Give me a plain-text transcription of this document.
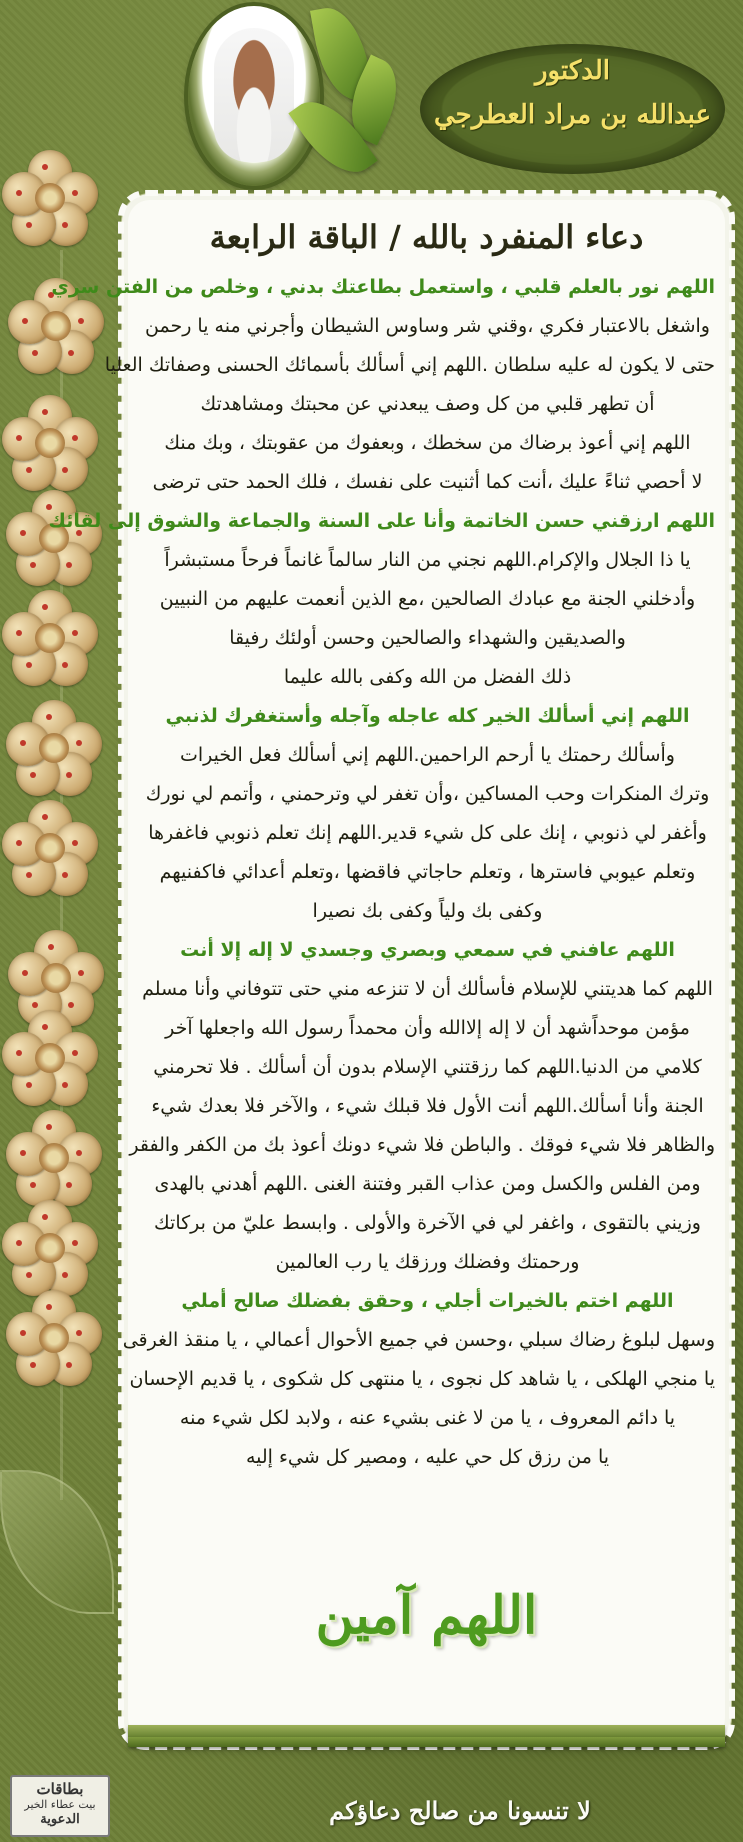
الدكتور
عبدالله بن مراد العطرجي
دعاء المنفرد بالله / الباقة الرابعة
اللهم نور بالعلم قلبي ، واستعمل بطاعتك بدني ، وخلص من الفتن سري
واشغل بالاعتبار فكري ،وقني شر وساوس الشيطان وأجرني منه يا رحمن
حتى لا يكون له عليه سلطان .اللهم إني أسألك بأسمائك الحسنى وصفاتك العليا
أن تطهر قلبي من كل وصف يبعدني عن محبتك ومشاهدتك
اللهم إني أعوذ برضاك من سخطك ، وبعفوك من عقوبتك ، وبك منك
لا أحصي ثناءً عليك ،أنت كما أثنيت على نفسك ، فلك الحمد حتى ترضى
اللهم ارزقني حسن الخاتمة وأنا على السنة والجماعة والشوق إلى لقائك
يا ذا الجلال والإكرام.اللهم نجني من النار سالماً غانماً فرحاً مستبشراً
وأدخلني الجنة مع عبادك الصالحين ،مع الذين أنعمت عليهم من النبيين
والصديقين والشهداء والصالحين وحسن أولئك رفيقا
ذلك الفضل من الله وكفى بالله عليما
اللهم إني أسألك الخير كله عاجله وآجله وأستغفرك لذنبي
وأسألك رحمتك يا أرحم الراحمين.اللهم إني أسألك فعل الخيرات
وترك المنكرات وحب المساكين ،وأن تغفر لي وترحمني ، وأتمم لي نورك
وأغفر لي ذنوبي ، إنك على كل شيء قدير.اللهم إنك تعلم ذنوبي فاغفرها
وتعلم عيوبي فاسترها ، وتعلم حاجاتي فاقضها ،وتعلم أعدائي فاكفنيهم
وكفى بك ولياً وكفى بك نصيرا
اللهم عافني في سمعي وبصري وجسدي لا إله إلا أنت
اللهم كما هديتني للإسلام فأسألك أن لا تنزعه مني حتى تتوفاني وأنا مسلم
مؤمن موحداًشهد أن لا إله إلاالله وأن محمداً رسول الله واجعلها آخر
كلامي من الدنيا.اللهم كما رزقتني الإسلام بدون أن أسألك . فلا تحرمني
الجنة وأنا أسألك.اللهم أنت الأول فلا قبلك شيء ، والآخر فلا بعدك شيء
والظاهر فلا شيء فوقك . والباطن فلا شيء دونك أعوذ بك من الكفر والفقر
ومن الفلس والكسل ومن عذاب القبر وفتنة الغنى .اللهم أهدني بالهدى
وزيني بالتقوى ، واغفر لي في الآخرة والأولى . وابسط عليّ من بركاتك
ورحمتك وفضلك ورزقك يا رب العالمين
اللهم اختم بالخيرات أجلي ، وحقق بفضلك صالح أملي
وسهل لبلوغ رضاك سبلي ،وحسن في جميع الأحوال أعمالي ، يا منقذ الغرقى
يا منجي الهلكى ، يا شاهد كل نجوى ، يا منتهى كل شكوى ، يا قديم الإحسان
يا دائم المعروف ، يا من لا غنى بشيء عنه ، ولابد لكل شيء منه
يا من رزق كل حي عليه ، ومصير كل شيء إليه
اللهم آمين
بطاقات
بيت عطاء الخير
الدعوية	لا تنسونا من صالح دعاؤكم
